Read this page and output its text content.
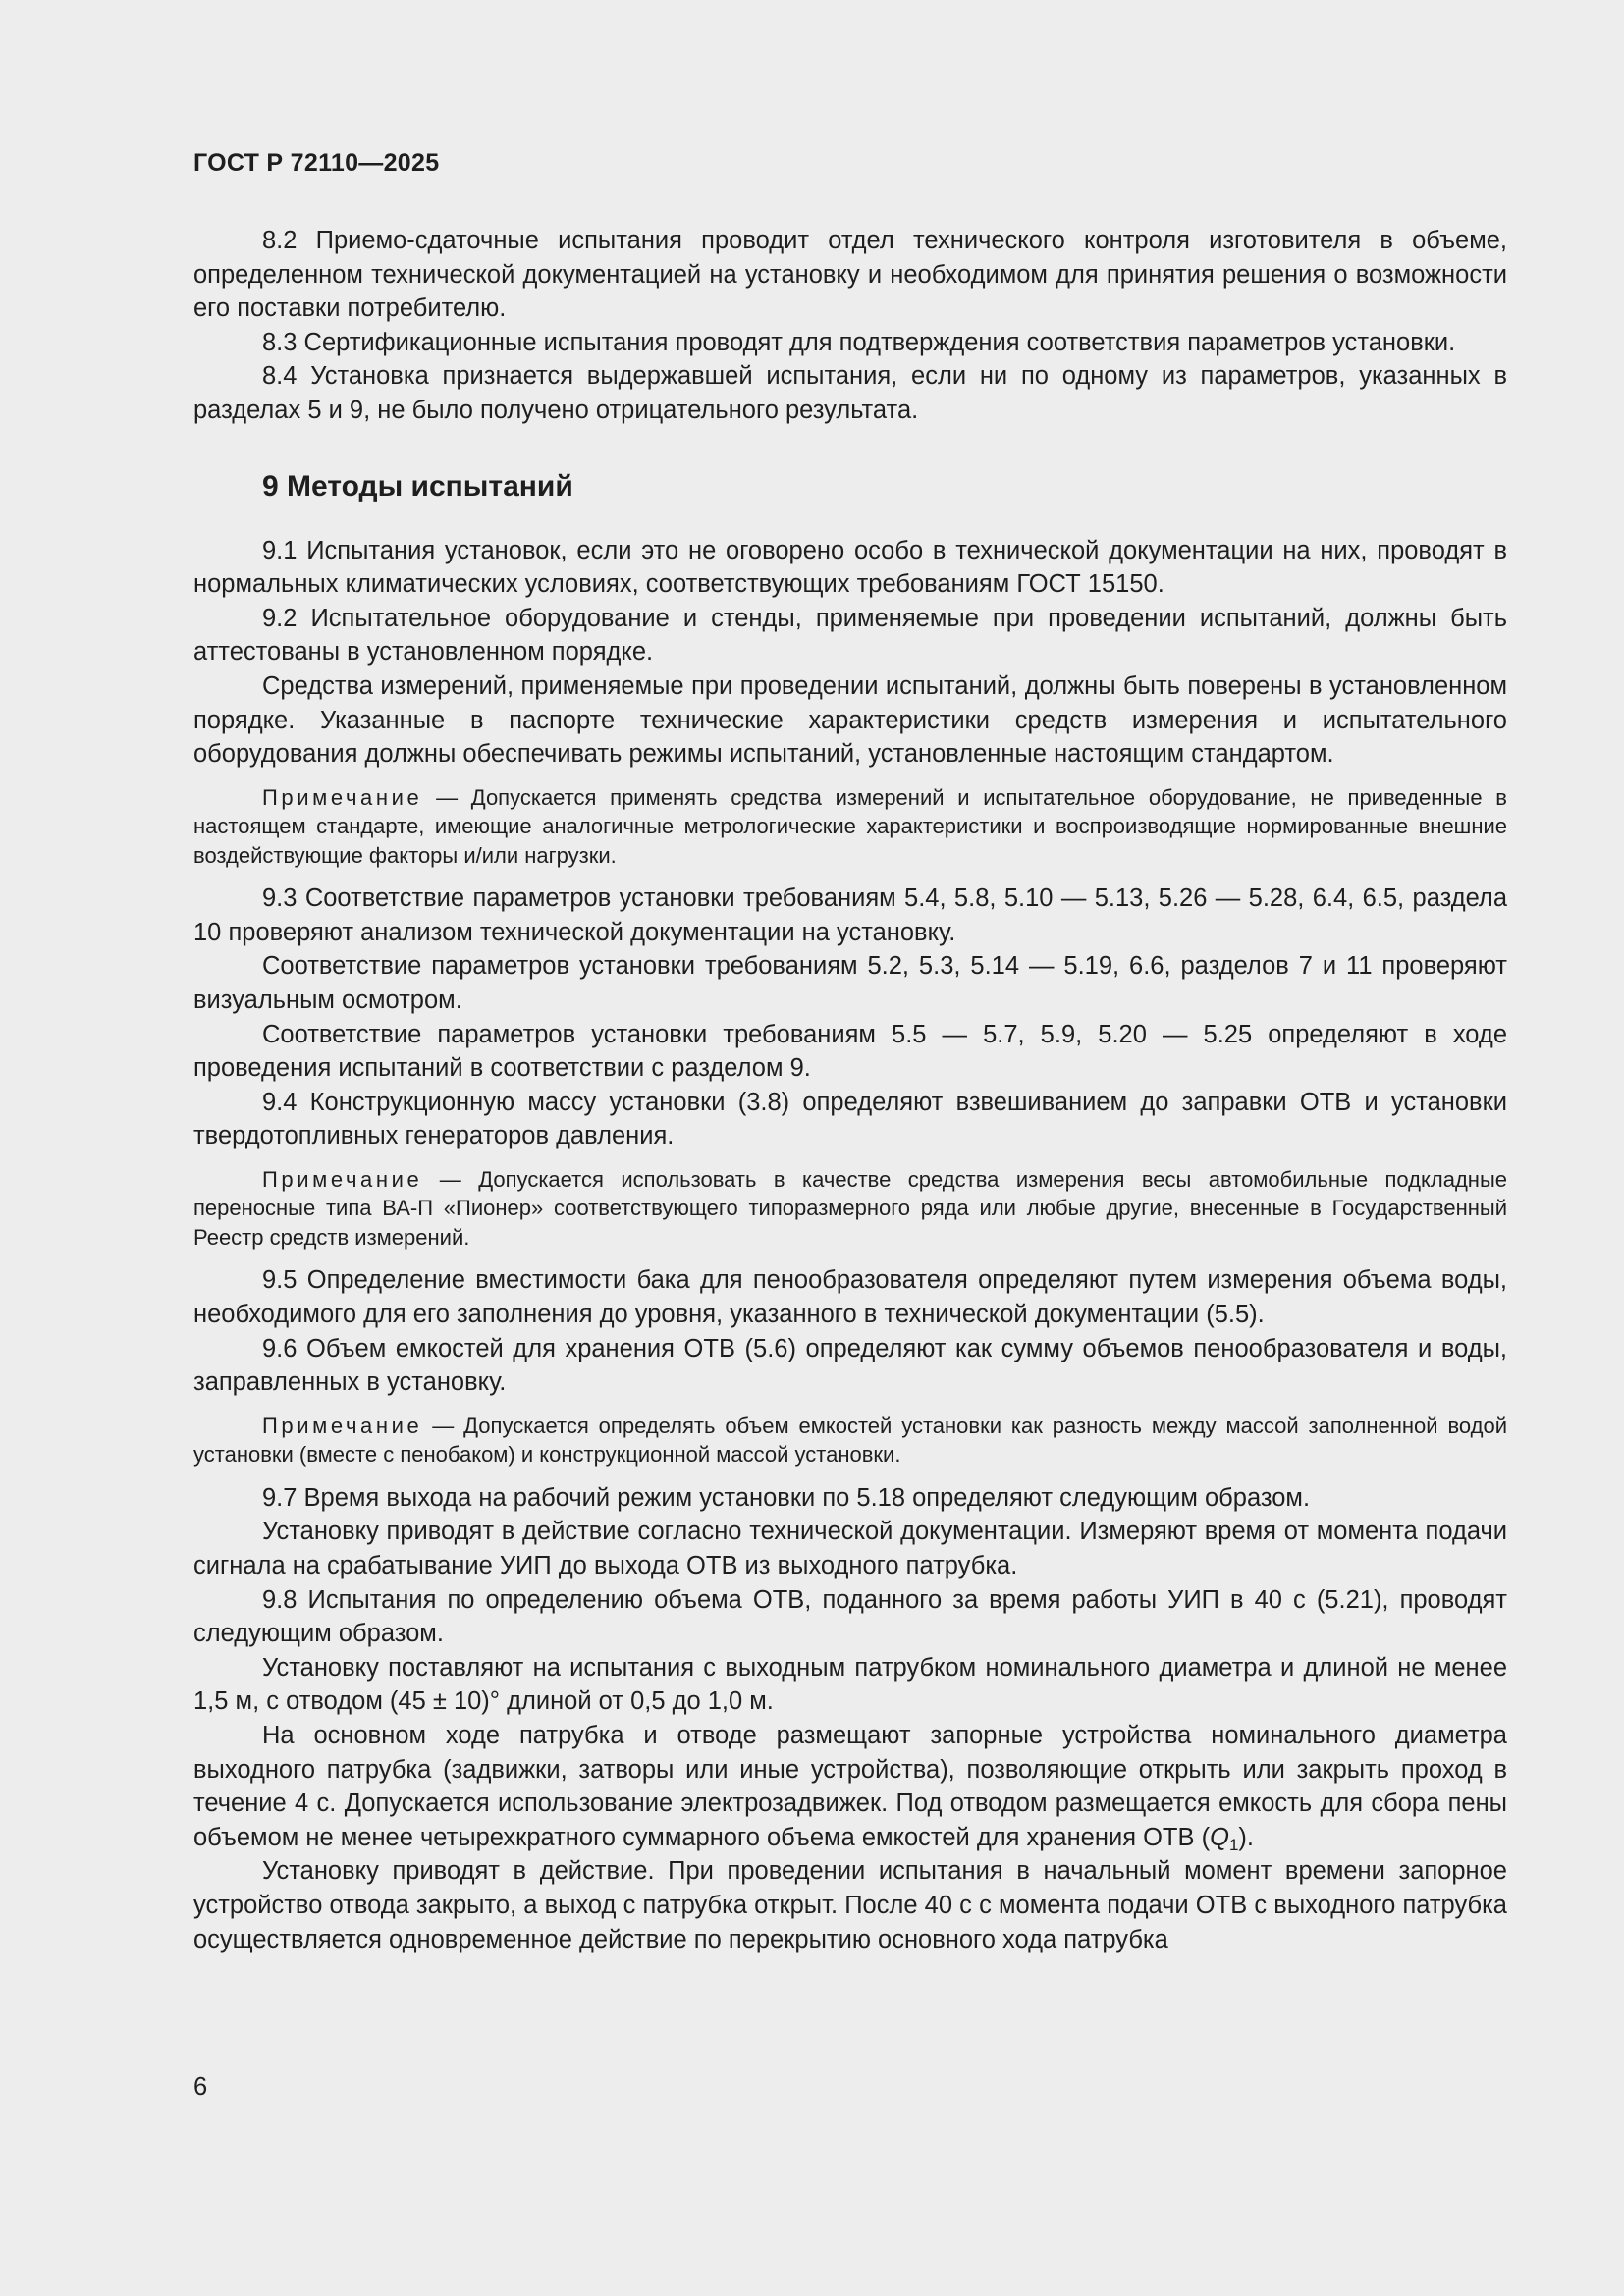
ГОСТ Р 72110—2025

8.2 Приемо-сдаточные испытания проводит отдел технического контроля изготовителя в объеме, определенном технической документацией на установку и необходимом для принятия решения о возможности его поставки потребителю.

8.3 Сертификационные испытания проводят для подтверждения соответствия параметров установки.

8.4 Установка признается выдержавшей испытания, если ни по одному из параметров, указанных в разделах 5 и 9, не было получено отрицательного результата.

9 Методы испытаний

9.1 Испытания установок, если это не оговорено особо в технической документации на них, проводят в нормальных климатических условиях, соответствующих требованиям ГОСТ 15150.

9.2 Испытательное оборудование и стенды, применяемые при проведении испытаний, должны быть аттестованы в установленном порядке.

Средства измерений, применяемые при проведении испытаний, должны быть поверены в установленном порядке. Указанные в паспорте технические характеристики средств измерения и испытательного оборудования должны обеспечивать режимы испытаний, установленные настоящим стандартом.

Примечание — Допускается применять средства измерений и испытательное оборудование, не приведенные в настоящем стандарте, имеющие аналогичные метрологические характеристики и воспроизводящие нормированные внешние воздействующие факторы и/или нагрузки.

9.3 Соответствие параметров установки требованиям 5.4, 5.8, 5.10 — 5.13, 5.26 — 5.28, 6.4, 6.5, раздела 10 проверяют анализом технической документации на установку.

Соответствие параметров установки требованиям 5.2, 5.3, 5.14 — 5.19, 6.6, разделов 7 и 11 проверяют визуальным осмотром.

Соответствие параметров установки требованиям 5.5 — 5.7, 5.9, 5.20 — 5.25 определяют в ходе проведения испытаний в соответствии с разделом 9.

9.4 Конструкционную массу установки (3.8) определяют взвешиванием до заправки ОТВ и установки твердотопливных генераторов давления.

Примечание — Допускается использовать в качестве средства измерения весы автомобильные подкладные переносные типа ВА-П «Пионер» соответствующего типоразмерного ряда или любые другие, внесенные в Государственный Реестр средств измерений.

9.5 Определение вместимости бака для пенообразователя определяют путем измерения объема воды, необходимого для его заполнения до уровня, указанного в технической документации (5.5).

9.6 Объем емкостей для хранения ОТВ (5.6) определяют как сумму объемов пенообразователя и воды, заправленных в установку.

Примечание — Допускается определять объем емкостей установки как разность между массой заполненной водой установки (вместе с пенобаком) и конструкционной массой установки.

9.7 Время выхода на рабочий режим установки по 5.18 определяют следующим образом.

Установку приводят в действие согласно технической документации. Измеряют время от момента подачи сигнала на срабатывание УИП до выхода ОТВ из выходного патрубка.

9.8 Испытания по определению объема ОТВ, поданного за время работы УИП в 40 с (5.21), проводят следующим образом.

Установку поставляют на испытания с выходным патрубком номинального диаметра и длиной не менее 1,5 м, с отводом (45 ± 10)° длиной от 0,5 до 1,0 м.

На основном ходе патрубка и отводе размещают запорные устройства номинального диаметра выходного патрубка (задвижки, затворы или иные устройства), позволяющие открыть или закрыть проход в течение 4 с. Допускается использование электрозадвижек. Под отводом размещается емкость для сбора пены объемом не менее четырехкратного суммарного объема емкостей для хранения ОТВ $(Q_1)$.

Установку приводят в действие. При проведении испытания в начальный момент времени запорное устройство отвода закрыто, а выход с патрубка открыт. После 40 с с момента подачи ОТВ с выходного патрубка осуществляется одновременное действие по перекрытию основного хода патрубка

6
